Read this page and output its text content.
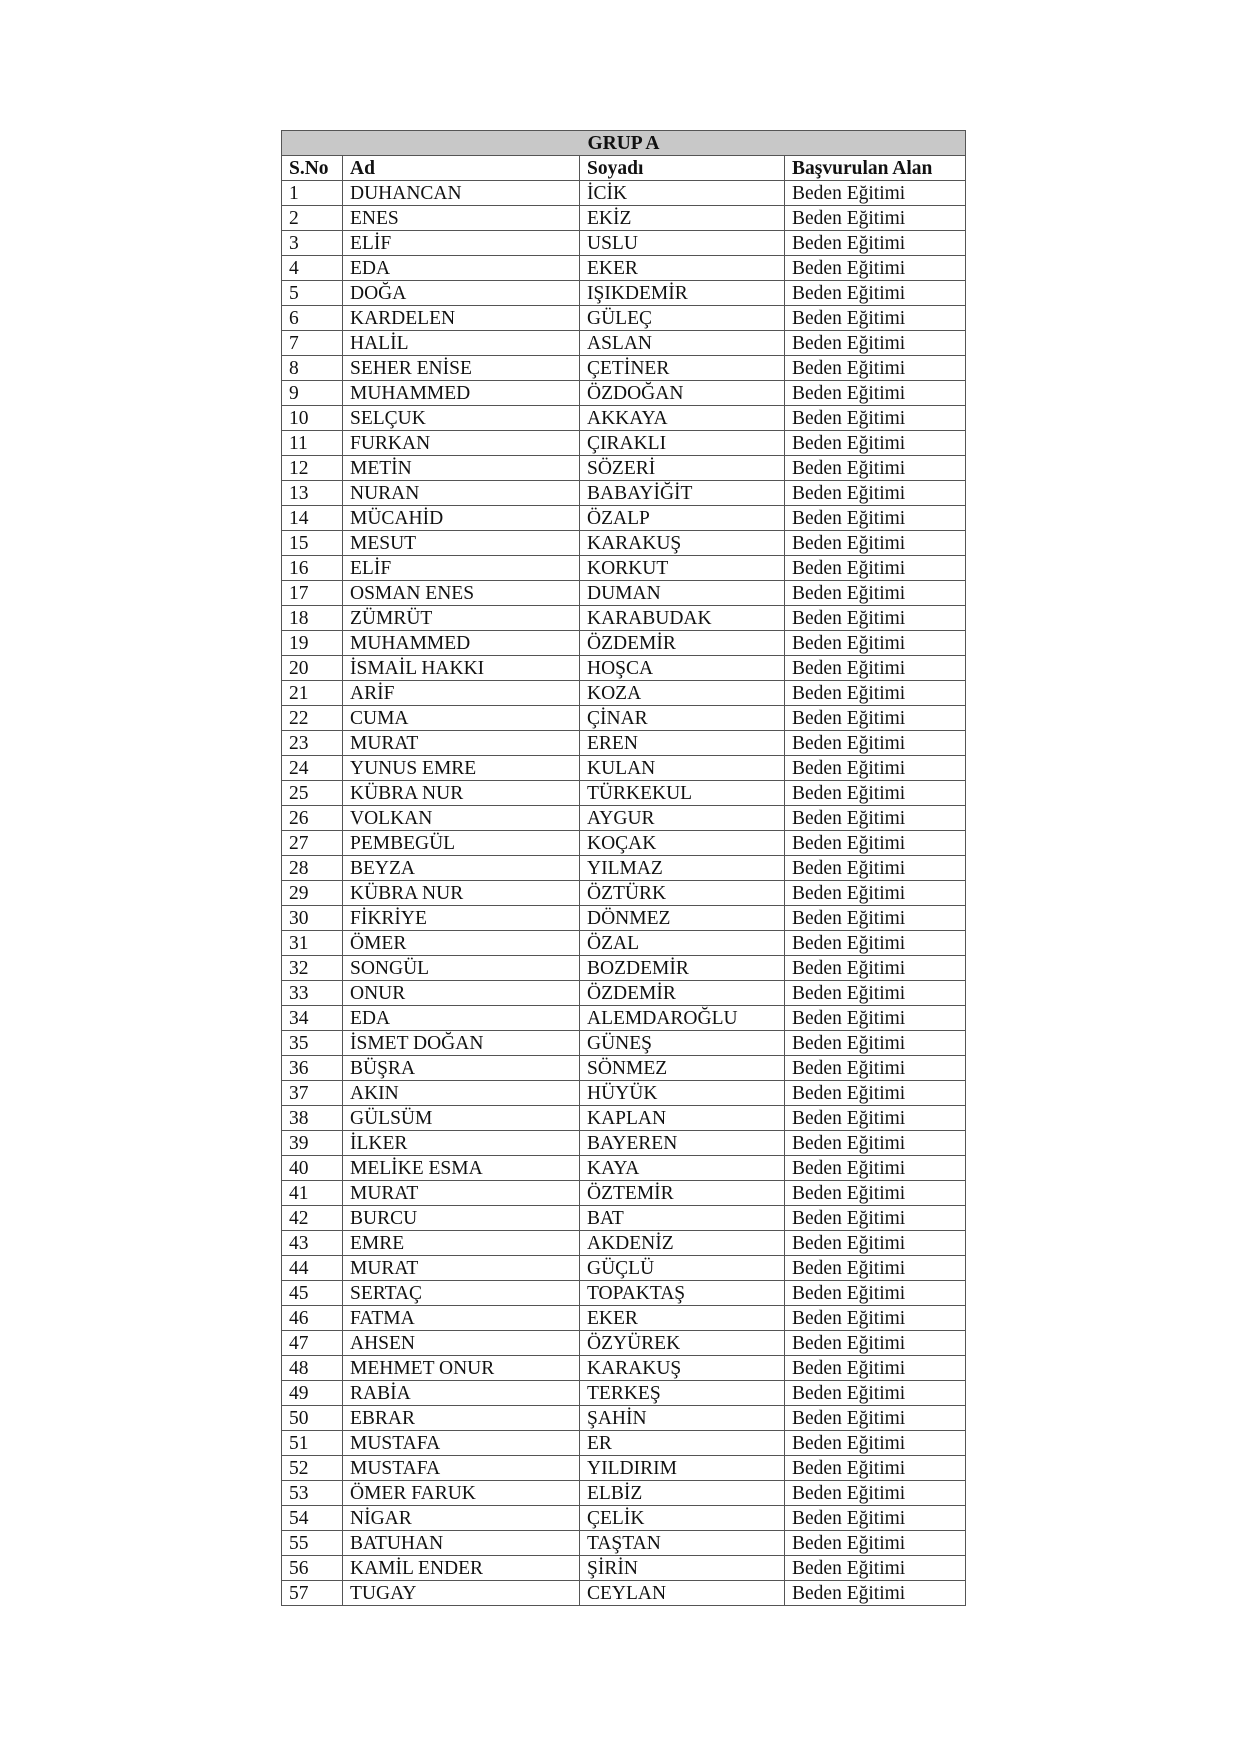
GRUP A			
S.No	Ad	Soyadı	Başvurulan Alan
1	DUHANCAN	İCİK	Beden Eğitimi
2	ENES	EKİZ	Beden Eğitimi
3	ELİF	USLU	Beden Eğitimi
4	EDA	EKER	Beden Eğitimi
5	DOĞA	IŞIKDEMİR	Beden Eğitimi
6	KARDELEN	GÜLEÇ	Beden Eğitimi
7	HALİL	ASLAN	Beden Eğitimi
8	SEHER ENİSE	ÇETİNER	Beden Eğitimi
9	MUHAMMED	ÖZDOĞAN	Beden Eğitimi
10	SELÇUK	AKKAYA	Beden Eğitimi
11	FURKAN	ÇIRAKLI	Beden Eğitimi
12	METİN	SÖZERİ	Beden Eğitimi
13	NURAN	BABAYİĞİT	Beden Eğitimi
14	MÜCAHİD	ÖZALP	Beden Eğitimi
15	MESUT	KARAKUŞ	Beden Eğitimi
16	ELİF	KORKUT	Beden Eğitimi
17	OSMAN ENES	DUMAN	Beden Eğitimi
18	ZÜMRÜT	KARABUDAK	Beden Eğitimi
19	MUHAMMED	ÖZDEMİR	Beden Eğitimi
20	İSMAİL HAKKI	HOŞCA	Beden Eğitimi
21	ARİF	KOZA	Beden Eğitimi
22	CUMA	ÇİNAR	Beden Eğitimi
23	MURAT	EREN	Beden Eğitimi
24	YUNUS EMRE	KULAN	Beden Eğitimi
25	KÜBRA NUR	TÜRKEKUL	Beden Eğitimi
26	VOLKAN	AYGUR	Beden Eğitimi
27	PEMBEGÜL	KOÇAK	Beden Eğitimi
28	BEYZA	YILMAZ	Beden Eğitimi
29	KÜBRA NUR	ÖZTÜRK	Beden Eğitimi
30	FİKRİYE	DÖNMEZ	Beden Eğitimi
31	ÖMER	ÖZAL	Beden Eğitimi
32	SONGÜL	BOZDEMİR	Beden Eğitimi
33	ONUR	ÖZDEMİR	Beden Eğitimi
34	EDA	ALEMDAROĞLU	Beden Eğitimi
35	İSMET DOĞAN	GÜNEŞ	Beden Eğitimi
36	BÜŞRA	SÖNMEZ	Beden Eğitimi
37	AKIN	HÜYÜK	Beden Eğitimi
38	GÜLSÜM	KAPLAN	Beden Eğitimi
39	İLKER	BAYEREN	Beden Eğitimi
40	MELİKE ESMA	KAYA	Beden Eğitimi
41	MURAT	ÖZTEMİR	Beden Eğitimi
42	BURCU	BAT	Beden Eğitimi
43	EMRE	AKDENİZ	Beden Eğitimi
44	MURAT	GÜÇLÜ	Beden Eğitimi
45	SERTAÇ	TOPAKTAŞ	Beden Eğitimi
46	FATMA	EKER	Beden Eğitimi
47	AHSEN	ÖZYÜREK	Beden Eğitimi
48	MEHMET ONUR	KARAKUŞ	Beden Eğitimi
49	RABİA	TERKEŞ	Beden Eğitimi
50	EBRAR	ŞAHİN	Beden Eğitimi
51	MUSTAFA	ER	Beden Eğitimi
52	MUSTAFA	YILDIRIM	Beden Eğitimi
53	ÖMER FARUK	ELBİZ	Beden Eğitimi
54	NİGAR	ÇELİK	Beden Eğitimi
55	BATUHAN	TAŞTAN	Beden Eğitimi
56	KAMİL ENDER	ŞİRİN	Beden Eğitimi
57	TUGAY	CEYLAN	Beden Eğitimi
